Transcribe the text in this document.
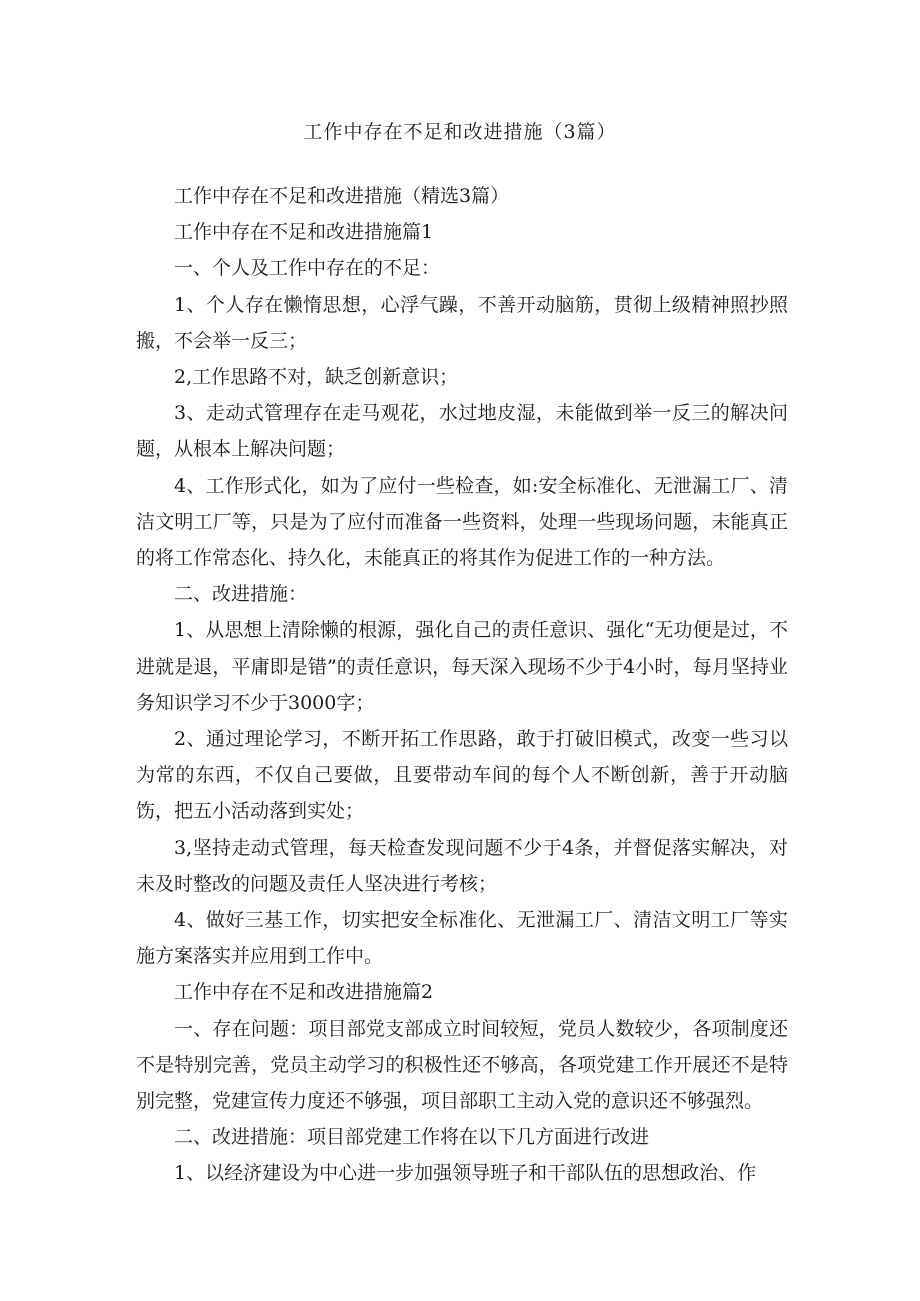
工作中存在不足和改进措施（3篇）

工作中存在不足和改进措施（精选3篇）

工作中存在不足和改进措施篇1

一、个人及工作中存在的不足：

1、个人存在懒惰思想，心浮气躁，不善开动脑筋，贯彻上级精神照抄照搬，不会举一反三；

2,工作思路不对，缺乏创新意识；

3、走动式管理存在走马观花，水过地皮湿，未能做到举一反三的解决问题，从根本上解决问题；

4、工作形式化，如为了应付一些检查，如:安全标准化、无泄漏工厂、清洁文明工厂等，只是为了应付而准备一些资料，处理一些现场问题，未能真正的将工作常态化、持久化，未能真正的将其作为促进工作的一种方法。

二、改进措施：

1、从思想上清除懒的根源，强化自己的责任意识、强化“无功便是过，不进就是退，平庸即是错”的责任意识，每天深入现场不少于4小时，每月坚持业务知识学习不少于3000字；

2、通过理论学习，不断开拓工作思路，敢于打破旧模式，改变一些习以为常的东西，不仅自己要做，且要带动车间的每个人不断创新，善于开动脑饬，把五小活动落到实处；

3,坚持走动式管理，每天检查发现问题不少于4条，并督促落实解决，对未及时整改的问题及责任人坚决进行考核；

4、做好三基工作，切实把安全标准化、无泄漏工厂、清洁文明工厂等实施方案落实并应用到工作中。

工作中存在不足和改进措施篇2

一、存在问题：项目部党支部成立时间较短，党员人数较少，各项制度还不是特别完善，党员主动学习的积极性还不够高，各项党建工作开展还不是特别完整，党建宣传力度还不够强，项目部职工主动入党的意识还不够强烈。

二、改进措施：项目部党建工作将在以下几方面进行改进

1、以经济建设为中心进一步加强领导班子和干部队伍的思想政治、作
